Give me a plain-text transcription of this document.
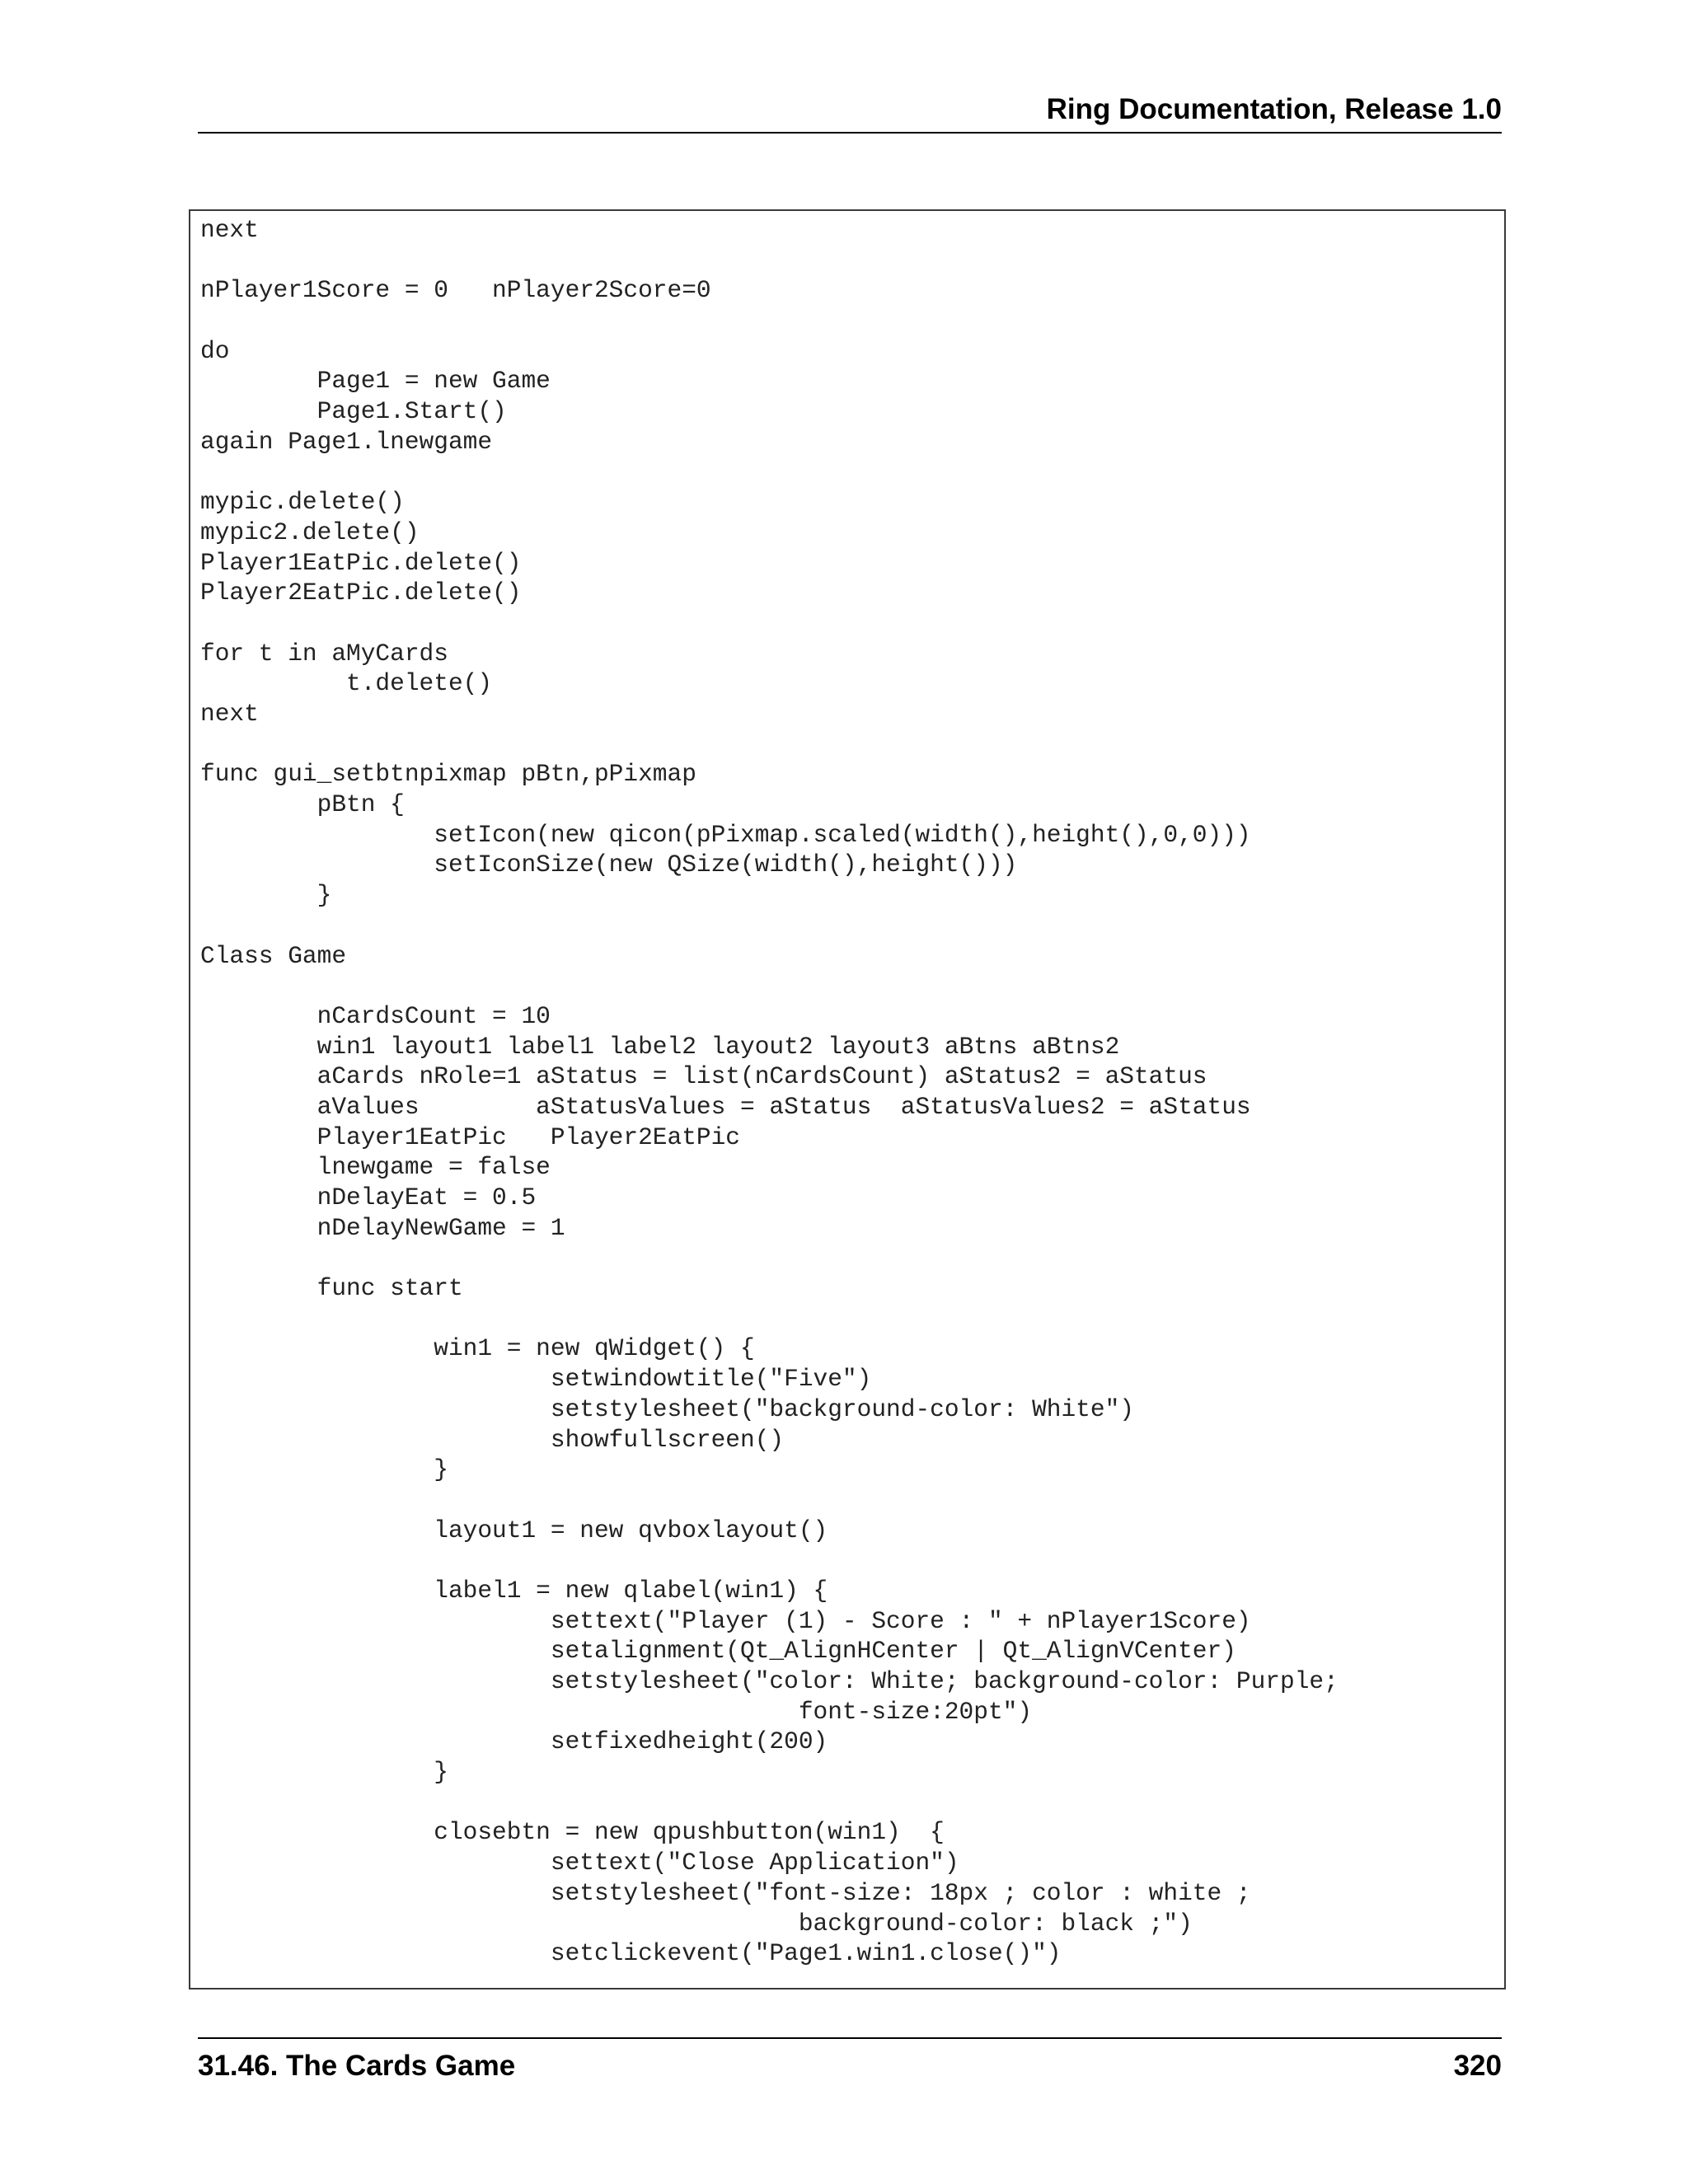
Ring Documentation, Release 1.0
next
nPlayer1Score = 0   nPlayer2Score=0
do
Page1 = new Game
Page1.Start()
again Page1.lnewgame
mypic.delete()
mypic2.delete()
Player1EatPic.delete()
Player2EatPic.delete()
for t in aMyCards
t.delete()
next
func gui_setbtnpixmap pBtn,pPixmap
pBtn {
setIcon(new qicon(pPixmap.scaled(width(),height(),0,0)))
setIconSize(new QSize(width(),height()))
}
Class Game
nCardsCount = 10
win1 layout1 label1 label2 layout2 layout3 aBtns aBtns2
aCards nRole=1 aStatus = list(nCardsCount) aStatus2 = aStatus
aValues        aStatusValues = aStatus  aStatusValues2 = aStatus
Player1EatPic   Player2EatPic
lnewgame = false
nDelayEat = 0.5
nDelayNewGame = 1
func start
win1 = new qWidget() {
setwindowtitle("Five")
setstylesheet("background-color: White")
showfullscreen()
}
layout1 = new qvboxlayout()
label1 = new qlabel(win1) {
settext("Player (1) - Score : " + nPlayer1Score)
setalignment(Qt_AlignHCenter | Qt_AlignVCenter)
setstylesheet("color: White; background-color: Purple;
font-size:20pt")
setfixedheight(200)
}
closebtn = new qpushbutton(win1)  {
settext("Close Application")
setstylesheet("font-size: 18px ; color : white ;
background-color: black ;")
setclickevent("Page1.win1.close()")
31.46. The Cards Game	320
